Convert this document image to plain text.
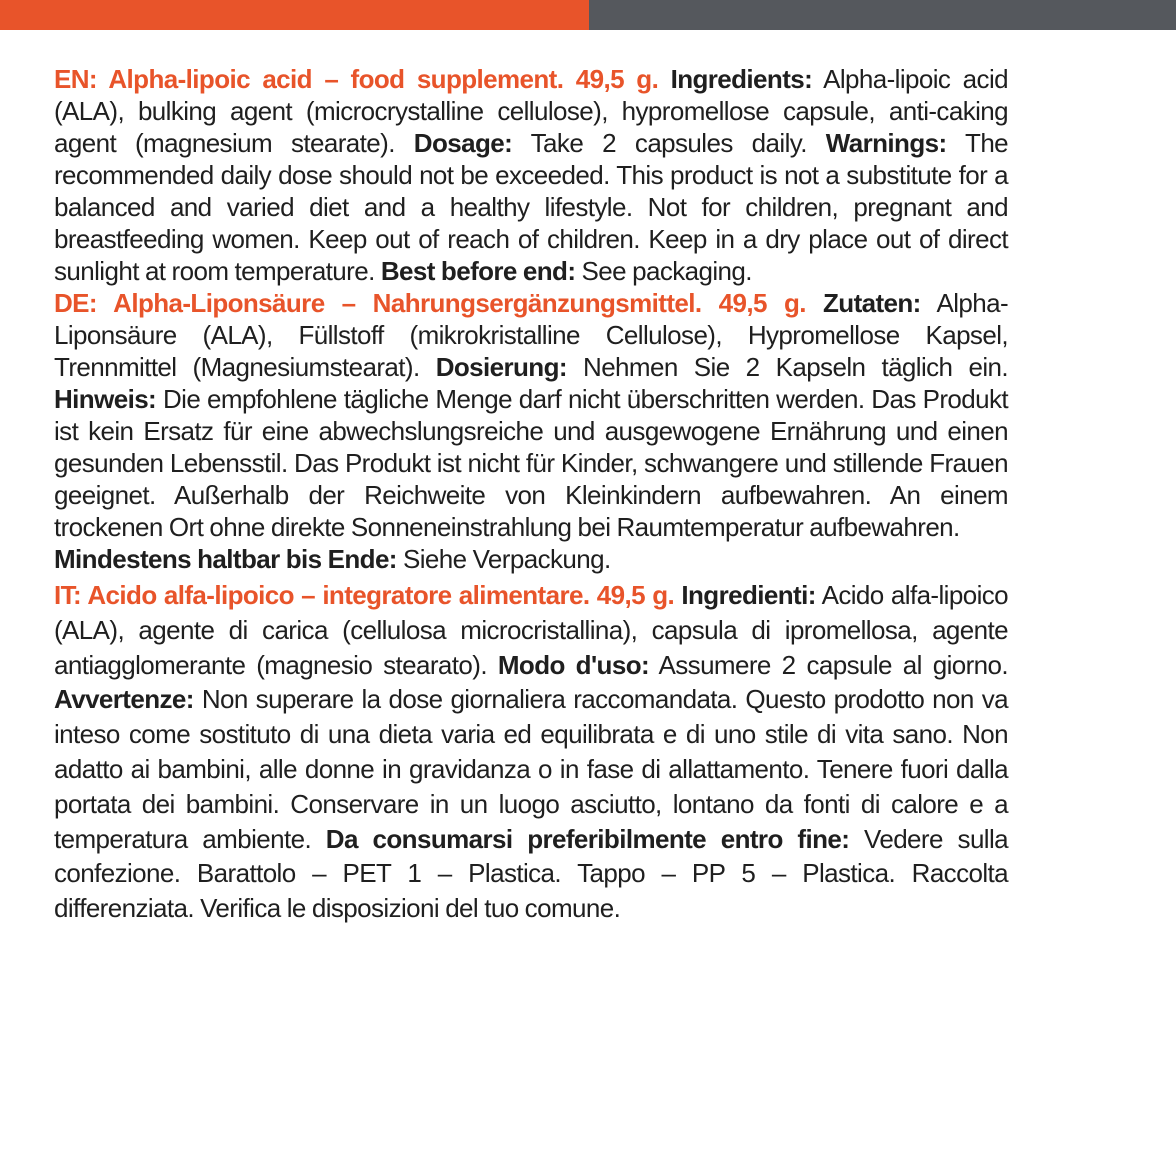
EN: Alpha-lipoic acid – food supplement. 49,5 g. Ingredients: Alpha-lipoic acid (ALA), bulking agent (microcrystalline cellulose), hypromellose capsule, anti-caking agent (magnesium stearate). Dosage: Take 2 capsules daily. Warnings: The recommended daily dose should not be exceeded. This product is not a substitute for a balanced and varied diet and a healthy lifestyle. Not for children, pregnant and breastfeeding women. Keep out of reach of children. Keep in a dry place out of direct sunlight at room temperature. Best before end: See packaging.

DE: Alpha-Liponsäure – Nahrungsergänzungsmittel. 49,5 g. Zutaten: Alpha-Liponsäure (ALA), Füllstoff (mikrokristalline Cellulose), Hypromellose Kapsel, Trennmittel (Magnesiumstearat). Dosierung: Nehmen Sie 2 Kapseln täglich ein. Hinweis: Die empfohlene tägliche Menge darf nicht überschritten werden. Das Produkt ist kein Ersatz für eine abwechslungsreiche und ausgewogene Ernährung und einen gesunden Lebensstil. Das Produkt ist nicht für Kinder, schwangere und stillende Frauen geeignet. Außerhalb der Reichweite von Kleinkindern aufbewahren. An einem trockenen Ort ohne direkte Sonneneinstrahlung bei Raumtemperatur aufbewahren.
Mindestens haltbar bis Ende: Siehe Verpackung.

IT: Acido alfa-lipoico – integratore alimentare. 49,5 g. Ingredienti: Acido alfa-lipoico (ALA), agente di carica (cellulosa microcristallina), capsula di ipromellosa, agente antiagglomerante (magnesio stearato). Modo d'uso: Assumere 2 capsule al giorno. Avvertenze: Non superare la dose giornaliera raccomandata. Questo prodotto non va inteso come sostituto di una dieta varia ed equilibrata e di uno stile di vita sano. Non adatto ai bambini, alle donne in gravidanza o in fase di allattamento. Tenere fuori dalla portata dei bambini. Conservare in un luogo asciutto, lontano da fonti di calore e a temperatura ambiente. Da consumarsi preferibilmente entro fine: Vedere sulla confezione. Barattolo – PET 1 – Plastica. Tappo – PP 5 – Plastica. Raccolta differenziata. Verifica le disposizioni del tuo comune.
